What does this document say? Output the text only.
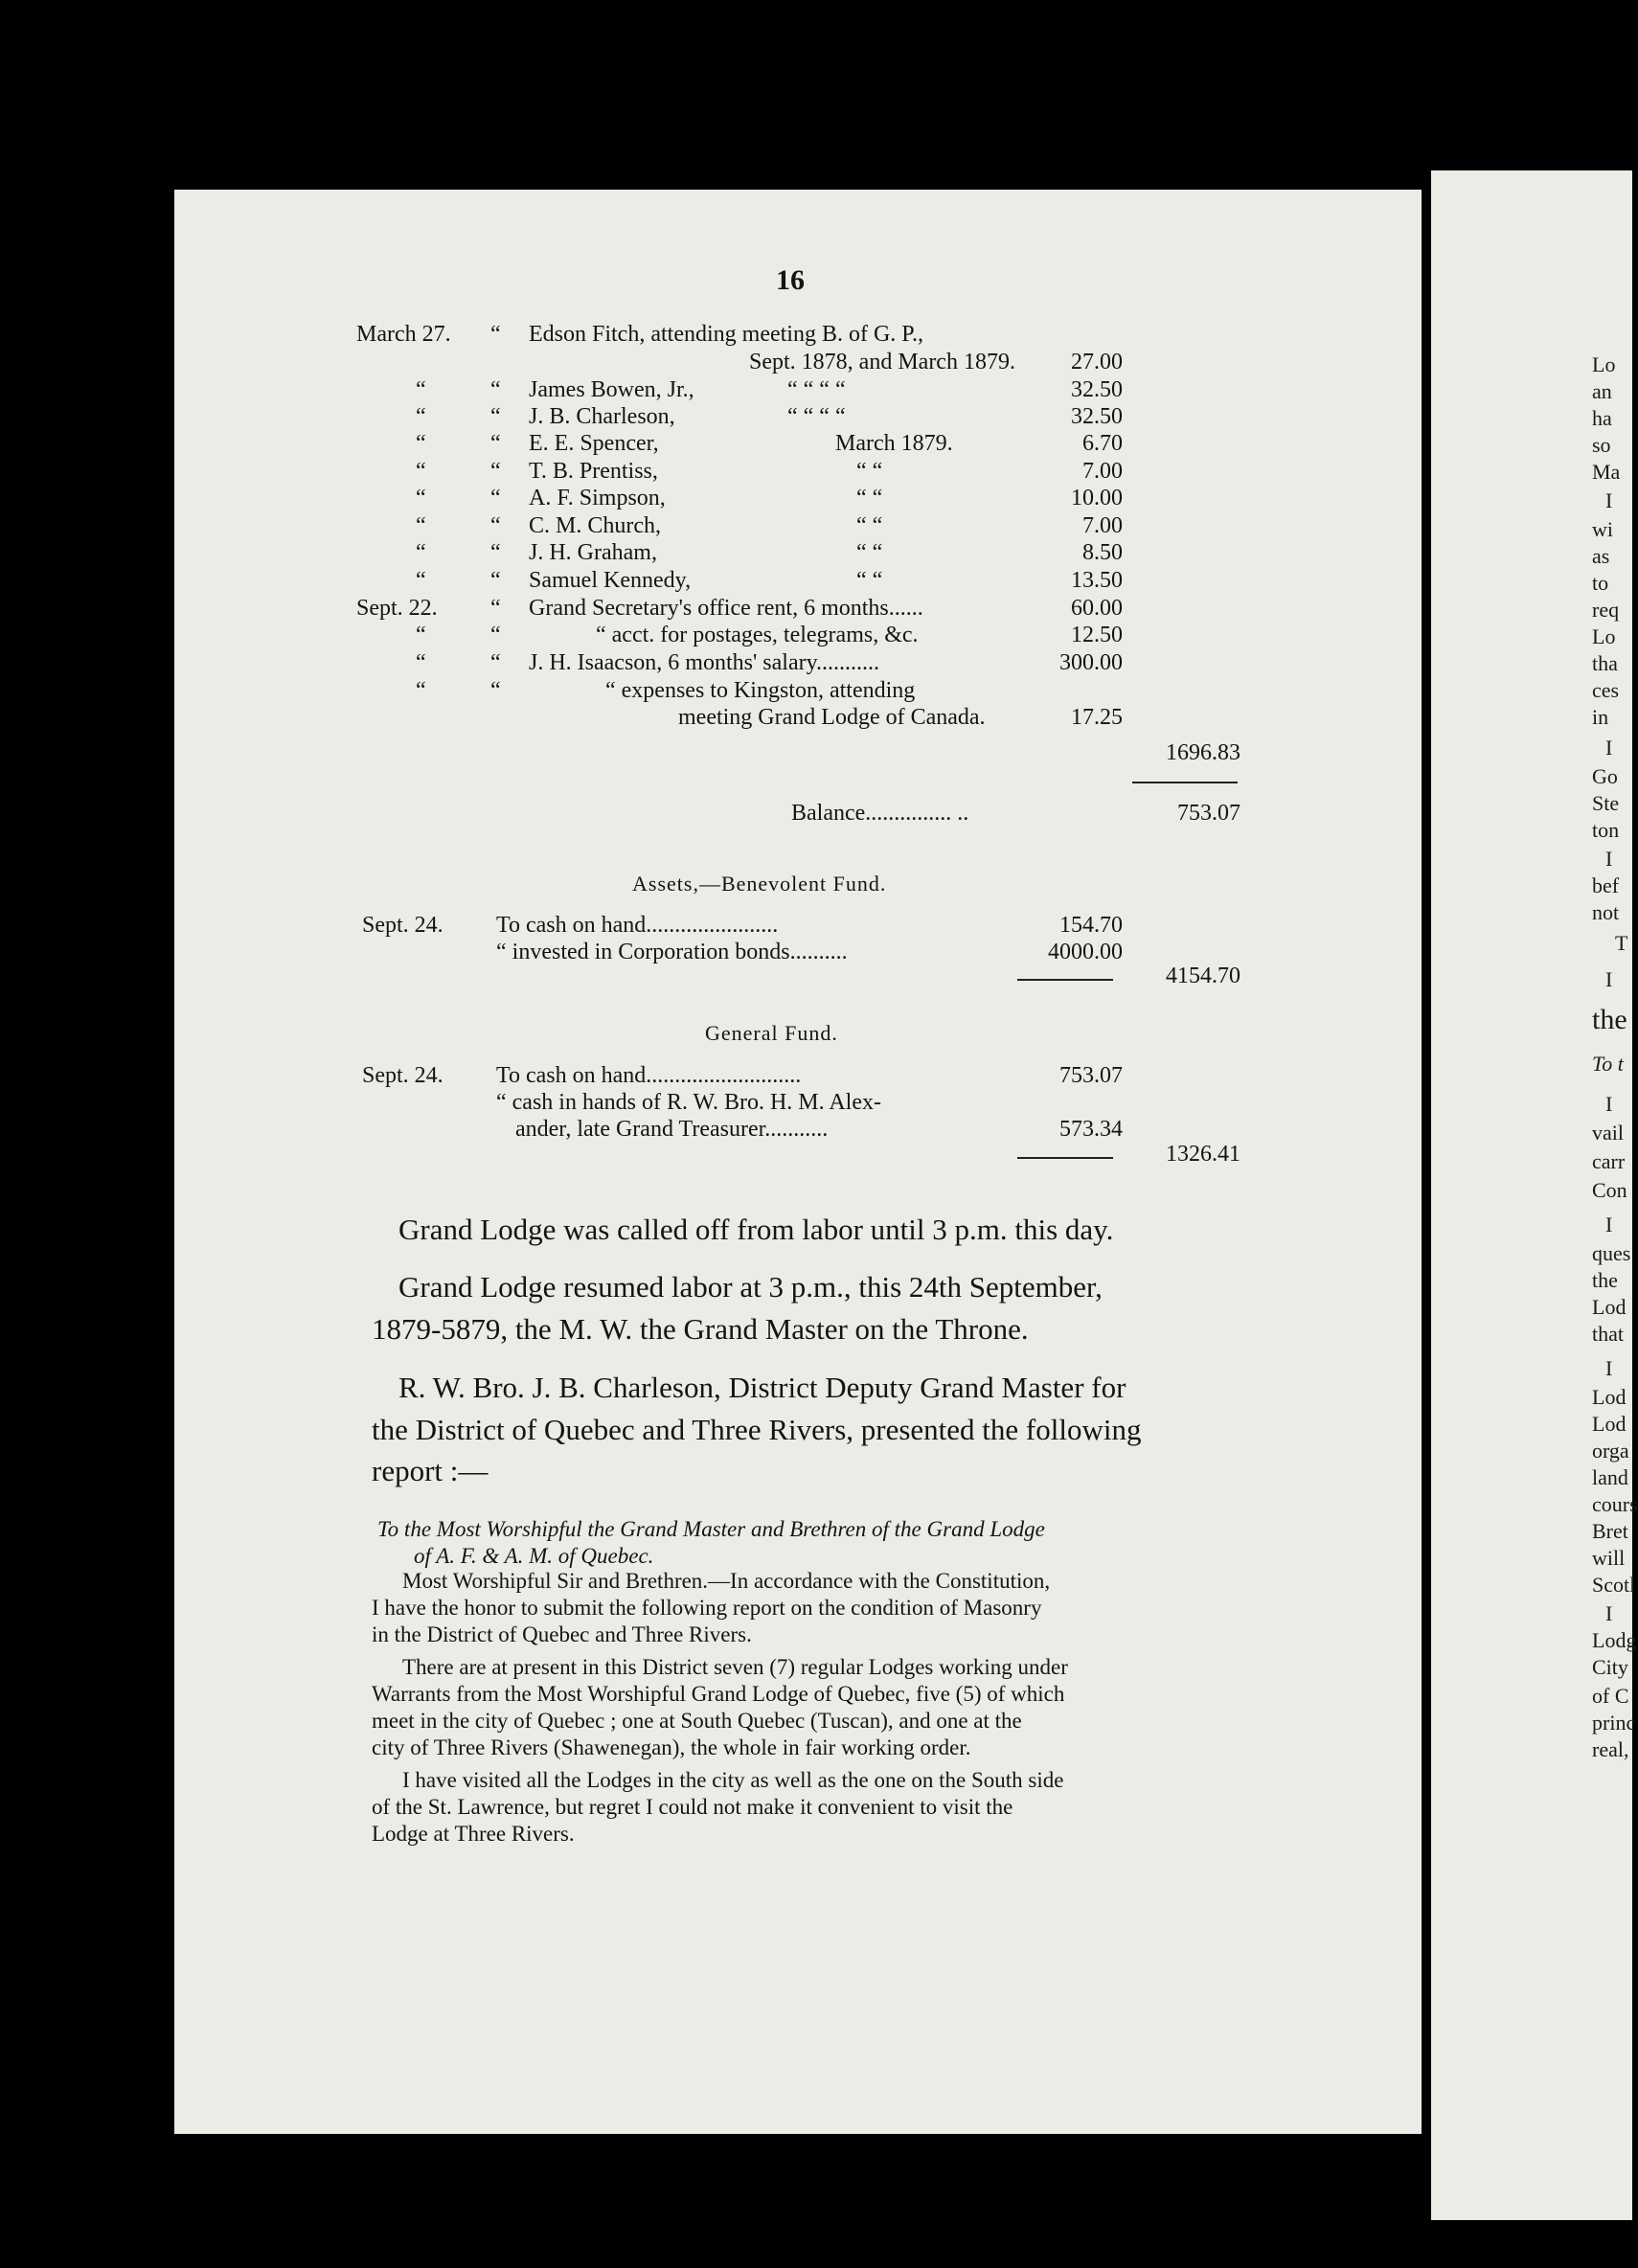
16
March 27. “ Edson Fitch, attending meeting B. of G. P.,
Sept. 1878, and March 1879.	27.00
“	“ James Bowen, Jr.,	“ “ “ “	32.50
“	“ J. B. Charleson,	“ “ “ “	32.50
“	“ E. E. Spencer,	March 1879.	6.70
“	“ T. B. Prentiss,	“ “	7.00
“	“ A. F. Simpson,	“ “	10.00
“	“ C. M. Church,	“ “	7.00
“	“ J. H. Graham,	“ “	8.50
“	“ Samuel Kennedy,	“ “	13.50
Sept. 22. “ Grand Secretary's office rent, 6 months......	60.00
“	“	“ acct. for postages, telegrams, &c.	12.50
“	“ J. H. Isaacson, 6 months' salary...........	300.00
“	“	“ expenses to Kingston, attending
meeting Grand Lodge of Canada.	17.25
1696.83
Balance............... ..	753.07
Assets,—Benevolent Fund.
Sept. 24. To cash on hand.......................	154.70
“ invested in Corporation bonds..........	4000.00
4154.70
General Fund.
Sept. 24. To cash on hand...........................	753.07
“ cash in hands of R. W. Bro. H. M. Alex-
ander, late Grand Treasurer...........	573.34
1326.41
Grand Lodge was called off from labor until 3 p.m. this day.
Grand Lodge resumed labor at 3 p.m., this 24th September,
1879-5879, the M. W. the Grand Master on the Throne.
R. W. Bro. J. B. Charleson, District Deputy Grand Master for
the District of Quebec and Three Rivers, presented the following
report :—
To the Most Worshipful the Grand Master and Brethren of the Grand Lodge
of A. F. & A. M. of Quebec.
Most Worshipful Sir and Brethren.—In accordance with the Constitution,
I have the honor to submit the following report on the condition of Masonry
in the District of Quebec and Three Rivers.
There are at present in this District seven (7) regular Lodges working under
Warrants from the Most Worshipful Grand Lodge of Quebec, five (5) of which
meet in the city of Quebec ; one at South Quebec (Tuscan), and one at the
city of Three Rivers (Shawenegan), the whole in fair working order.
I have visited all the Lodges in the city as well as the one on the South side
of the St. Lawrence, but regret I could not make it convenient to visit the
Lodge at Three Rivers.
Lo
an
ha
so
Ma
I
wi
as
to
req
Lo
tha
ces
in
I
Go
Ste
ton
I
bef
not
T
I
the
To t
I
vail
carr
Con
I
ques
the
Lod
that
I
Lod
Lod
orga
land
cours
Bret
will
Scotl
I
Lodg
City
of C
princ
real,
